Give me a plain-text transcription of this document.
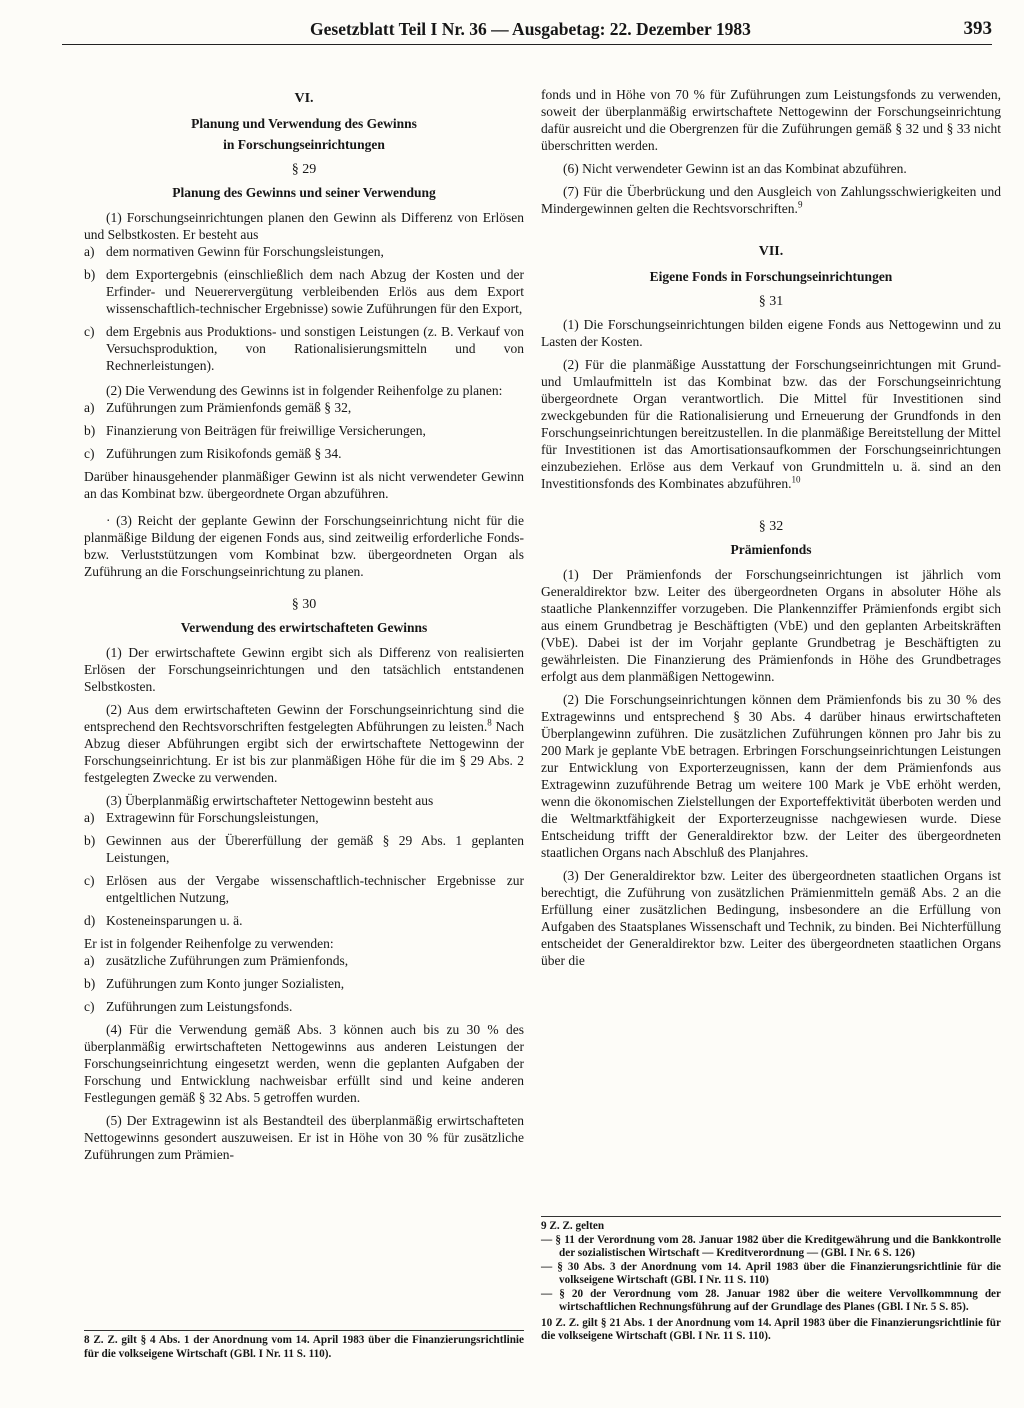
Gesetzblatt Teil I Nr. 36 — Ausgabetag: 22. Dezember 1983	393
VI.
Planung und Verwendung des Gewinns
in Forschungseinrichtungen
§ 29
Planung des Gewinns und seiner Verwendung

(1) Forschungseinrichtungen planen den Gewinn als Differenz von Erlösen und Selbstkosten. Er besteht aus

a) dem normativen Gewinn für Forschungsleistungen,

b) dem Exportergebnis (einschließlich dem nach Abzug der Kosten und der Erfinder- und Neuerervergütung verbleibenden Erlös aus dem Export wissenschaftlich-technischer Ergebnisse) sowie Zuführungen für den Export,

c) dem Ergebnis aus Produktions- und sonstigen Leistungen (z. B. Verkauf von Versuchsproduktion, von Rationalisierungsmitteln und von Rechnerleistungen).

(2) Die Verwendung des Gewinns ist in folgender Reihenfolge zu planen:

a) Zuführungen zum Prämienfonds gemäß § 32,

b) Finanzierung von Beiträgen für freiwillige Versicherungen,

c) Zuführungen zum Risikofonds gemäß § 34.

Darüber hinausgehender planmäßiger Gewinn ist als nicht verwendeter Gewinn an das Kombinat bzw. übergeordnete Organ abzuführen.

· (3) Reicht der geplante Gewinn der Forschungseinrichtung nicht für die planmäßige Bildung der eigenen Fonds aus, sind zeitweilig erforderliche Fonds- bzw. Verluststützungen vom Kombinat bzw. übergeordneten Organ als Zuführung an die Forschungseinrichtung zu planen.

§ 30
Verwendung des erwirtschafteten Gewinns

(1) Der erwirtschaftete Gewinn ergibt sich als Differenz von realisierten Erlösen der Forschungseinrichtungen und den tatsächlich entstandenen Selbstkosten.

(2) Aus dem erwirtschafteten Gewinn der Forschungseinrichtung sind die entsprechend den Rechtsvorschriften festgelegten Abführungen zu leisten.$^8$ Nach Abzug dieser Abführungen ergibt sich der erwirtschaftete Nettogewinn der Forschungseinrichtung. Er ist bis zur planmäßigen Höhe für die im § 29 Abs. 2 festgelegten Zwecke zu verwenden.

(3) Überplanmäßig erwirtschafteter Nettogewinn besteht aus

a) Extragewinn für Forschungsleistungen,

b) Gewinnen aus der Übererfüllung der gemäß § 29 Abs. 1 geplanten Leistungen,

c) Erlösen aus der Vergabe wissenschaftlich-technischer Ergebnisse zur entgeltlichen Nutzung,

d) Kosteneinsparungen u. ä.

Er ist in folgender Reihenfolge zu verwenden:

a) zusätzliche Zuführungen zum Prämienfonds,

b) Zuführungen zum Konto junger Sozialisten,

c) Zuführungen zum Leistungsfonds.

(4) Für die Verwendung gemäß Abs. 3 können auch bis zu 30 % des überplanmäßig erwirtschafteten Nettogewinns aus anderen Leistungen der Forschungseinrichtung eingesetzt werden, wenn die geplanten Aufgaben der Forschung und Entwicklung nachweisbar erfüllt sind und keine anderen Festlegungen gemäß § 32 Abs. 5 getroffen wurden.

(5) Der Extragewinn ist als Bestandteil des überplanmäßig erwirtschafteten Nettogewinns gesondert auszuweisen. Er ist in Höhe von 30 % für zusätzliche Zuführungen zum Prämien-

8 Z. Z. gilt § 4 Abs. 1 der Anordnung vom 14. April 1983 über die Finanzierungsrichtlinie für die volkseigene Wirtschaft (GBl. I Nr. 11 S. 110).

fonds und in Höhe von 70 % für Zuführungen zum Leistungsfonds zu verwenden, soweit der überplanmäßig erwirtschaftete Nettogewinn der Forschungseinrichtung dafür ausreicht und die Obergrenzen für die Zuführungen gemäß § 32 und § 33 nicht überschritten werden.

(6) Nicht verwendeter Gewinn ist an das Kombinat abzuführen.

(7) Für die Überbrückung und den Ausgleich von Zahlungsschwierigkeiten und Mindergewinnen gelten die Rechtsvorschriften.$^9$

VII.
Eigene Fonds in Forschungseinrichtungen
§ 31

(1) Die Forschungseinrichtungen bilden eigene Fonds aus Nettogewinn und zu Lasten der Kosten.

(2) Für die planmäßige Ausstattung der Forschungseinrichtungen mit Grund- und Umlaufmitteln ist das Kombinat bzw. das der Forschungseinrichtung übergeordnete Organ verantwortlich. Die Mittel für Investitionen sind zweckgebunden für die Rationalisierung und Erneuerung der Grundfonds in den Forschungseinrichtungen bereitzustellen. In die planmäßige Bereitstellung der Mittel für Investitionen ist das Amortisationsaufkommen der Forschungseinrichtungen einzubeziehen. Erlöse aus dem Verkauf von Grundmitteln u. ä. sind an den Investitionsfonds des Kombinates abzuführen.$^{10}$

§ 32
Prämienfonds

(1) Der Prämienfonds der Forschungseinrichtungen ist jährlich vom Generaldirektor bzw. Leiter des übergeordneten Organs in absoluter Höhe als staatliche Plankennziffer vorzugeben. Die Plankennziffer Prämienfonds ergibt sich aus einem Grundbetrag je Beschäftigten (VbE) und den geplanten Arbeitskräften (VbE). Dabei ist der im Vorjahr geplante Grundbetrag je Beschäftigten zu gewährleisten. Die Finanzierung des Prämienfonds in Höhe des Grundbetrages erfolgt aus dem planmäßigen Nettogewinn.

(2) Die Forschungseinrichtungen können dem Prämienfonds bis zu 30 % des Extragewinns und entsprechend § 30 Abs. 4 darüber hinaus erwirtschafteten Überplangewinn zuführen. Die zusätzlichen Zuführungen können pro Jahr bis zu 200 Mark je geplante VbE betragen. Erbringen Forschungseinrichtungen Leistungen zur Entwicklung von Exporterzeugnissen, kann der dem Prämienfonds aus Extragewinn zuzuführende Betrag um weitere 100 Mark je VbE erhöht werden, wenn die ökonomischen Zielstellungen der Exporteffektivität überboten werden und die Weltmarktfähigkeit der Exporterzeugnisse nachgewiesen wurde. Diese Entscheidung trifft der Generaldirektor bzw. der Leiter des übergeordneten staatlichen Organs nach Abschluß des Planjahres.

(3) Der Generaldirektor bzw. Leiter des übergeordneten staatlichen Organs ist berechtigt, die Zuführung von zusätzlichen Prämienmitteln gemäß Abs. 2 an die Erfüllung einer zusätzlichen Bedingung, insbesondere an die Erfüllung von Aufgaben des Staatsplanes Wissenschaft und Technik, zu binden. Bei Nichterfüllung entscheidet der Generaldirektor bzw. Leiter des übergeordneten staatlichen Organs über die

9 Z. Z. gelten

— § 11 der Verordnung vom 28. Januar 1982 über die Kreditgewährung und die Bankkontrolle der sozialistischen Wirtschaft — Kreditverordnung — (GBl. I Nr. 6 S. 126)

— § 30 Abs. 3 der Anordnung vom 14. April 1983 über die Finanzierungsrichtlinie für die volkseigene Wirtschaft (GBl. I Nr. 11 S. 110)

— § 20 der Verordnung vom 28. Januar 1982 über die weitere Vervollkommnung der wirtschaftlichen Rechnungsführung auf der Grundlage des Planes (GBl. I Nr. 5 S. 85).

10 Z. Z. gilt § 21 Abs. 1 der Anordnung vom 14. April 1983 über die Finanzierungsrichtlinie für die volkseigene Wirtschaft (GBl. I Nr. 11 S. 110).
